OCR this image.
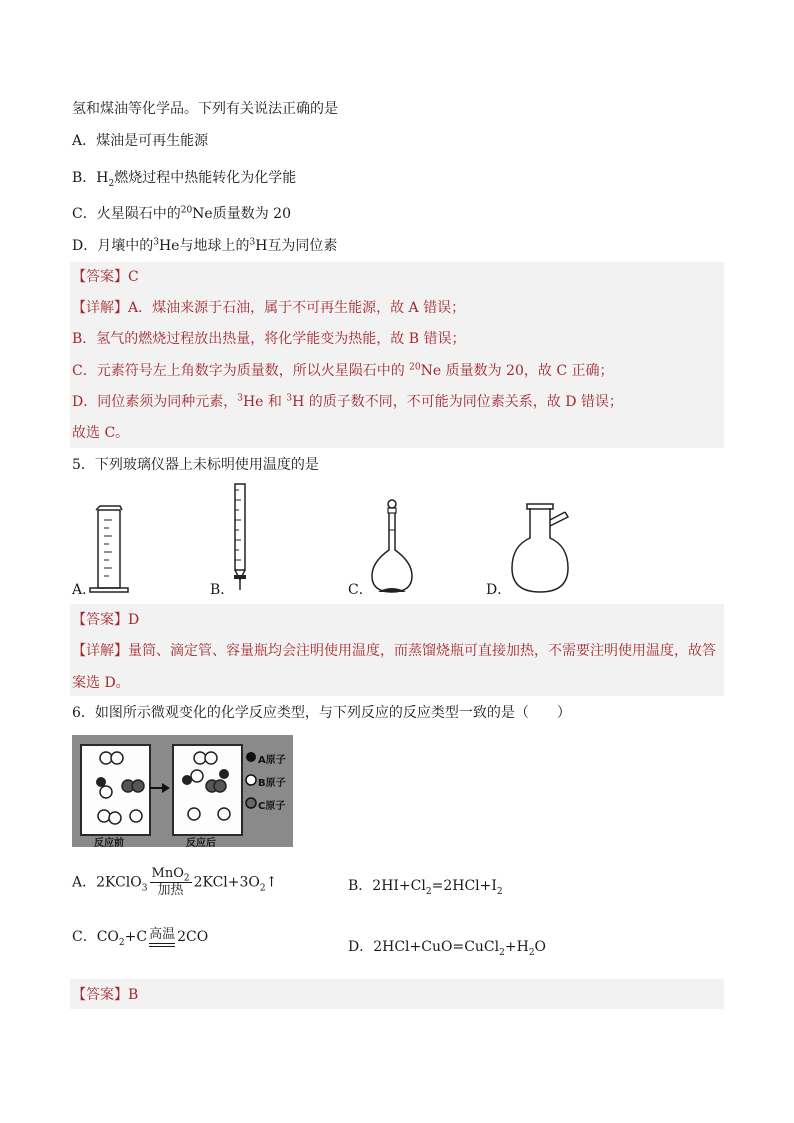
氢和煤油等化学品。下列有关说法正确的是
A．煤油是可再生能源
B．$H_2$燃烧过程中热能转化为化学能
C．火星陨石中的$^{20}$Ne质量数为 20
D．月壤中的$^3$He与地球上的$^3$H互为同位素
【答案】C
【详解】A．煤油来源于石油，属于不可再生能源，故 A 错误；
B．氢气的燃烧过程放出热量，将化学能变为热能，故 B 错误；
C．元素符号左上角数字为质量数，所以火星陨石中的 $^{20}$Ne 质量数为 20，故 C 正确；
D．同位素须为同种元素，$^3$He 和 $^3$H 的质子数不同，不可能为同位素关系，故 D 错误；
故选 C。
5．下列玻璃仪器上未标明使用温度的是
A．	B．	C．	D．
【答案】D
【详解】量筒、滴定管、容量瓶均会注明使用温度，而蒸馏烧瓶可直接加热，不需要注明使用温度，故答
案选 D。
6．如图所示微观变化的化学反应类型，与下列反应的反应类型一致的是（　　）
A原子
B原子
C原子
反应前	反应后
A．2KClO$_3$ $\frac{MnO_2}{\text{加热}}$ $2KCl+3O_2↑$	B．$2HI+Cl_2=2HCl+I_2$
C．$CO_2+C$ 高温 2CO
D．$2HCl+CuO=CuCl_2+H_2O$
【答案】B
